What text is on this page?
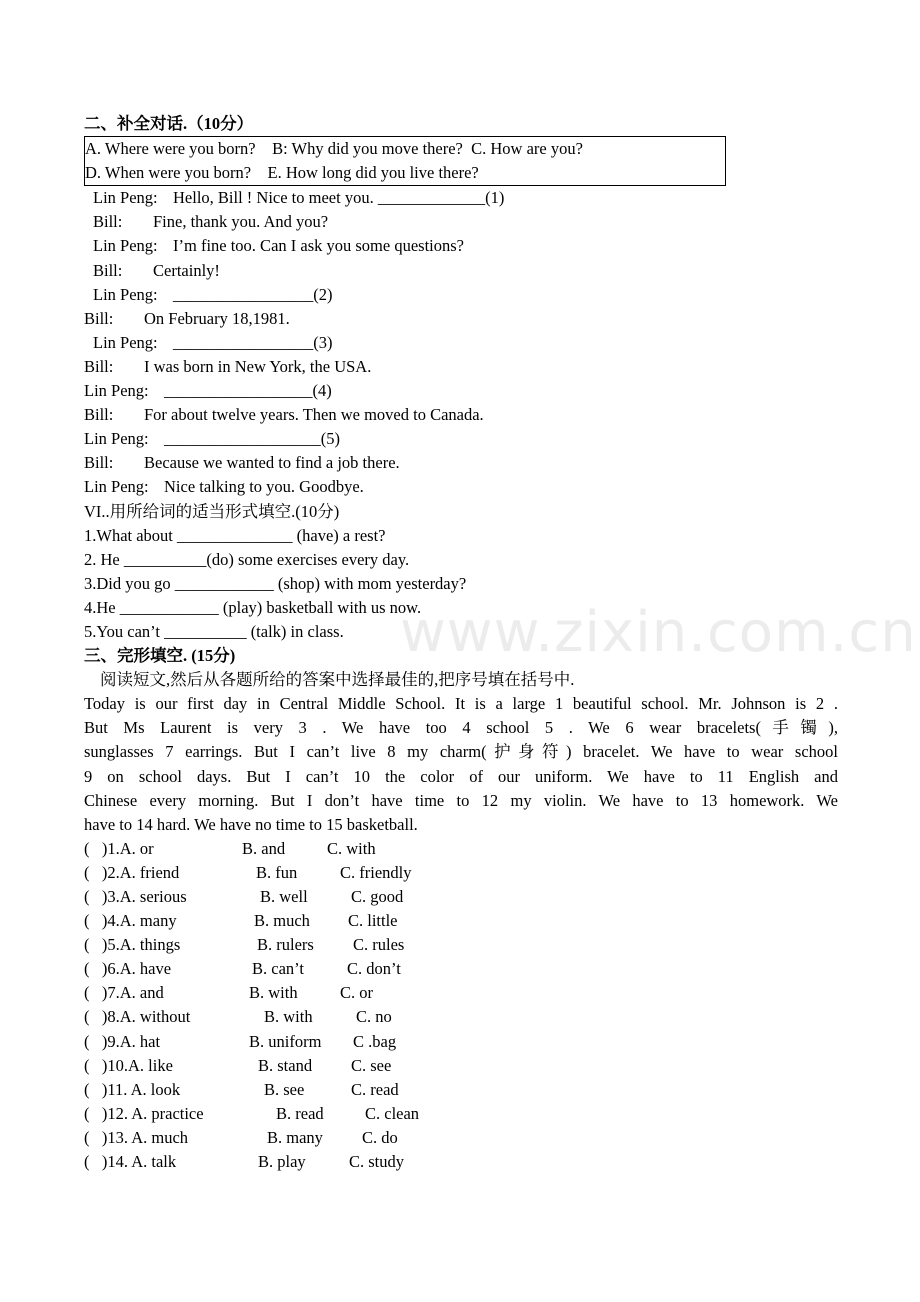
www.zixin.com.cn
二、补全对话.（10分）
A. Where were you born?    B: Why did you move there?  C. How are you?
D. When were you born?    E. How long did you live there?
Lin Peng: Hello, Bill ! Nice to meet you. _____________(1)
Bill: Fine, thank you. And you?
Lin Peng: I’m fine too. Can I ask you some questions?
Bill: Certainly!
Lin Peng: _________________(2)
Bill: On February 18,1981.
Lin Peng: _________________(3)
Bill: I was born in New York, the USA.
Lin Peng: __________________(4)
Bill: For about twelve years. Then we moved to Canada.
Lin Peng: ___________________(5)
Bill: Because we wanted to find a job there.
Lin Peng: Nice talking to you. Goodbye.
VI..用所给词的适当形式填空.(10分)
1.What about ______________ (have) a rest?
2. He __________(do) some exercises every day.
3.Did you go ____________ (shop) with mom yesterday?
4.He ____________ (play) basketball with us now.
5.You can’t __________ (talk) in class.
三、完形填空. (15分)
阅读短文,然后从各题所给的答案中选择最佳的,把序号填在括号中.
Today is our first day in Central Middle School. It is a large 1 beautiful school. Mr. Johnson is 2 .
But Ms Laurent is very 3 . We have too 4 school 5 . We 6 wear bracelets(手镯),
sunglasses 7 earrings. But I can’t live 8 my charm(护身符) bracelet. We have to wear school
9 on school days. But I can’t 10 the color of our uniform. We have to 11 English and
Chinese every morning. But I don’t have time to 12 my violin. We have to 13 homework. We
have to 14 hard. We have no time to 15 basketball.
(   )1.A. or	B. and	C. with
(   )2.A. friend	B. fun	C. friendly
(   )3.A. serious	B. well	C. good
(   )4.A. many	B. much	C. little
(   )5.A. things	B. rulers	C. rules
(   )6.A. have	B. can’t	C. don’t
(   )7.A. and	B. with	C. or
(   )8.A. without	B. with	C. no
(   )9.A. hat	B. uniform	C .bag
(   )10.A. like	B. stand	C. see
(   )11. A. look	B. see	C. read
(   )12. A. practice	B. read	C. clean
(   )13. A. much	B. many	C. do
(   )14. A. talk	B. play	C. study
